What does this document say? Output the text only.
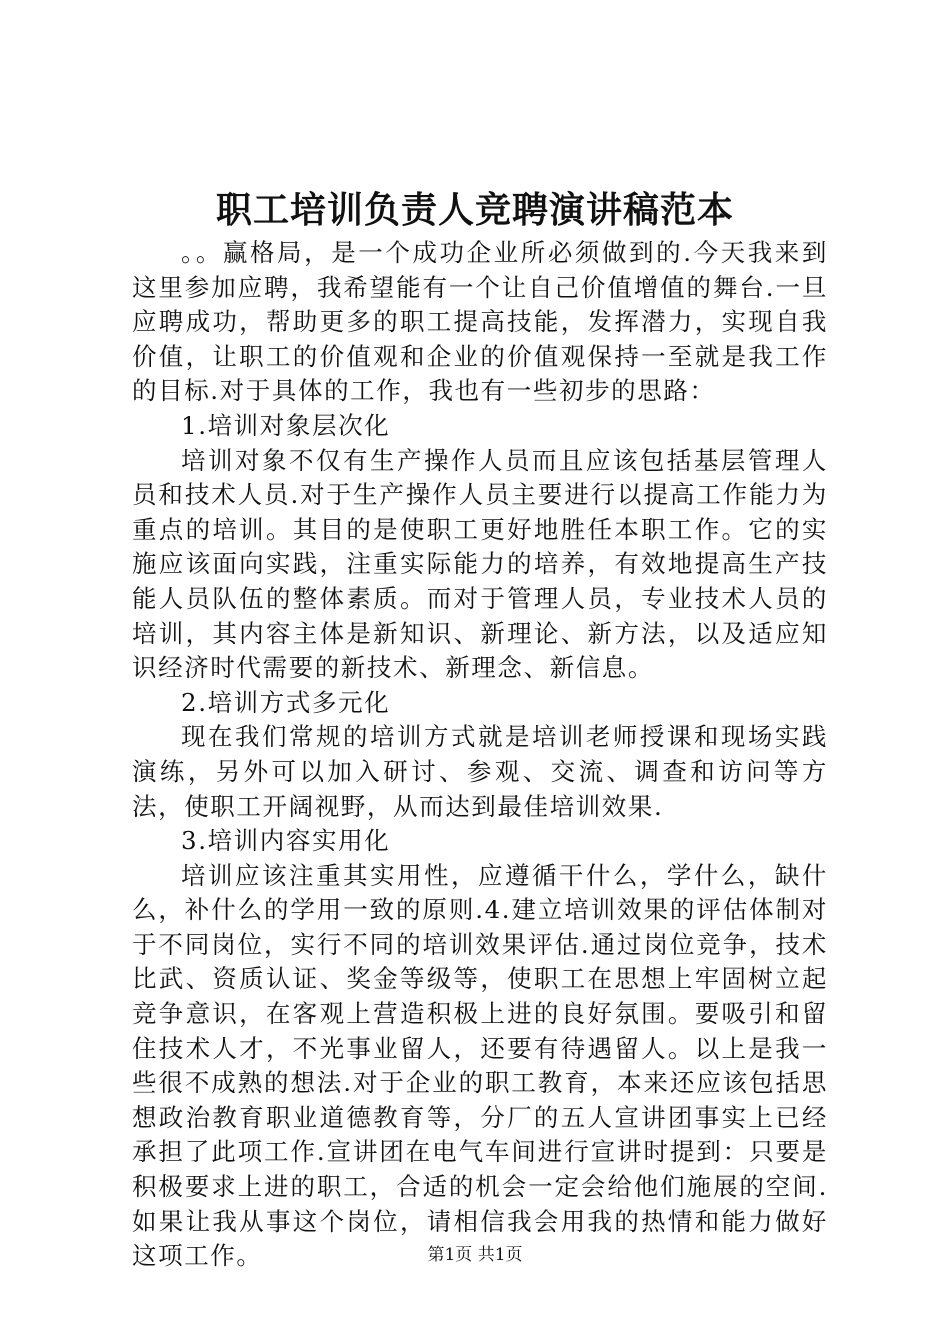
职工培训负责人竞聘演讲稿范本

。。赢格局，是一个成功企业所必须做到的.今天我来到这里参加应聘，我希望能有一个让自己价值增值的舞台.一旦应聘成功，帮助更多的职工提高技能，发挥潜力，实现自我价值，让职工的价值观和企业的价值观保持一至就是我工作的目标.对于具体的工作，我也有一些初步的思路：

1.培训对象层次化

培训对象不仅有生产操作人员而且应该包括基层管理人员和技术人员.对于生产操作人员主要进行以提高工作能力为重点的培训。其目的是使职工更好地胜任本职工作。它的实施应该面向实践，注重实际能力的培养，有效地提高生产技能人员队伍的整体素质。而对于管理人员，专业技术人员的培训，其内容主体是新知识、新理论、新方法，以及适应知识经济时代需要的新技术、新理念、新信息。

2.培训方式多元化

现在我们常规的培训方式就是培训老师授课和现场实践演练，另外可以加入研讨、参观、交流、调查和访问等方法，使职工开阔视野，从而达到最佳培训效果.

3.培训内容实用化

培训应该注重其实用性，应遵循干什么，学什么，缺什么，补什么的学用一致的原则.4.建立培训效果的评估体制对于不同岗位，实行不同的培训效果评估.通过岗位竞争，技术比武、资质认证、奖金等级等，使职工在思想上牢固树立起竞争意识，在客观上营造积极上进的良好氛围。要吸引和留住技术人才，不光事业留人，还要有待遇留人。以上是我一些很不成熟的想法.对于企业的职工教育，本来还应该包括思想政治教育职业道德教育等，分厂的五人宣讲团事实上已经承担了此项工作.宣讲团在电气车间进行宣讲时提到：只要是积极要求上进的职工，合适的机会一定会给他们施展的空间.如果让我从事这个岗位，请相信我会用我的热情和能力做好这项工作。	第1页 共1页
